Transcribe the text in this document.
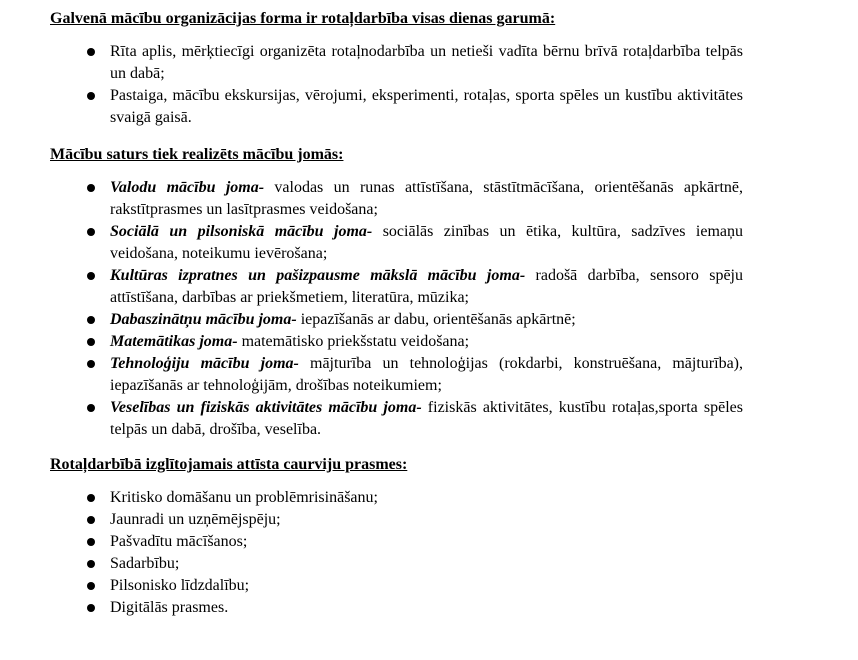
Galvenā mācību organizācijas forma ir rotaļdarbība visas dienas garumā:
Rīta aplis, mērķtiecīgi organizēta rotaļnodarbība un netieši vadīta bērnu brīvā rotaļdarbība telpās un dabā;
Pastaiga, mācību ekskursijas, vērojumi, eksperimenti, rotaļas, sporta spēles un kustību aktivitātes svaigā gaisā.
Mācību saturs tiek realizēts mācību jomās:
Valodu mācību joma- valodas un runas attīstīšana, stāstītmācīšana, orientēšanās apkārtnē, rakstītprasmes un lasītprasmes veidošana;
Sociālā un pilsoniskā mācību joma- sociālās zinības un ētika, kultūra, sadzīves iemaņu veidošana, noteikumu ievērošana;
Kultūras izpratnes un pašizpausme mākslā mācību joma- radošā darbība, sensoro spēju attīstīšana, darbības ar priekšmetiem, literatūra, mūzika;
Dabaszinātņu mācību joma- iepazīšanās ar dabu, orientēšanās apkārtnē;
Matemātikas joma- matemātisko priekšstatu veidošana;
Tehnoloģiju mācību joma- mājturība un tehnoloģijas (rokdarbi, konstruēšana, mājturība), iepazīšanās ar tehnoloģijām, drošības noteikumiem;
Veselības un fiziskās aktivitātes mācību joma- fiziskās aktivitātes, kustību rotaļas,sporta spēles telpās un dabā, drošība, veselība.
Rotaļdarbībā izglītojamais attīsta caurviju prasmes:
Kritisko domāšanu un problēmrisināšanu;
Jaunradi un uzņēmējspēju;
Pašvadītu mācīšanos;
Sadarbību;
Pilsonisko līdzdalību;
Digitālās prasmes.
